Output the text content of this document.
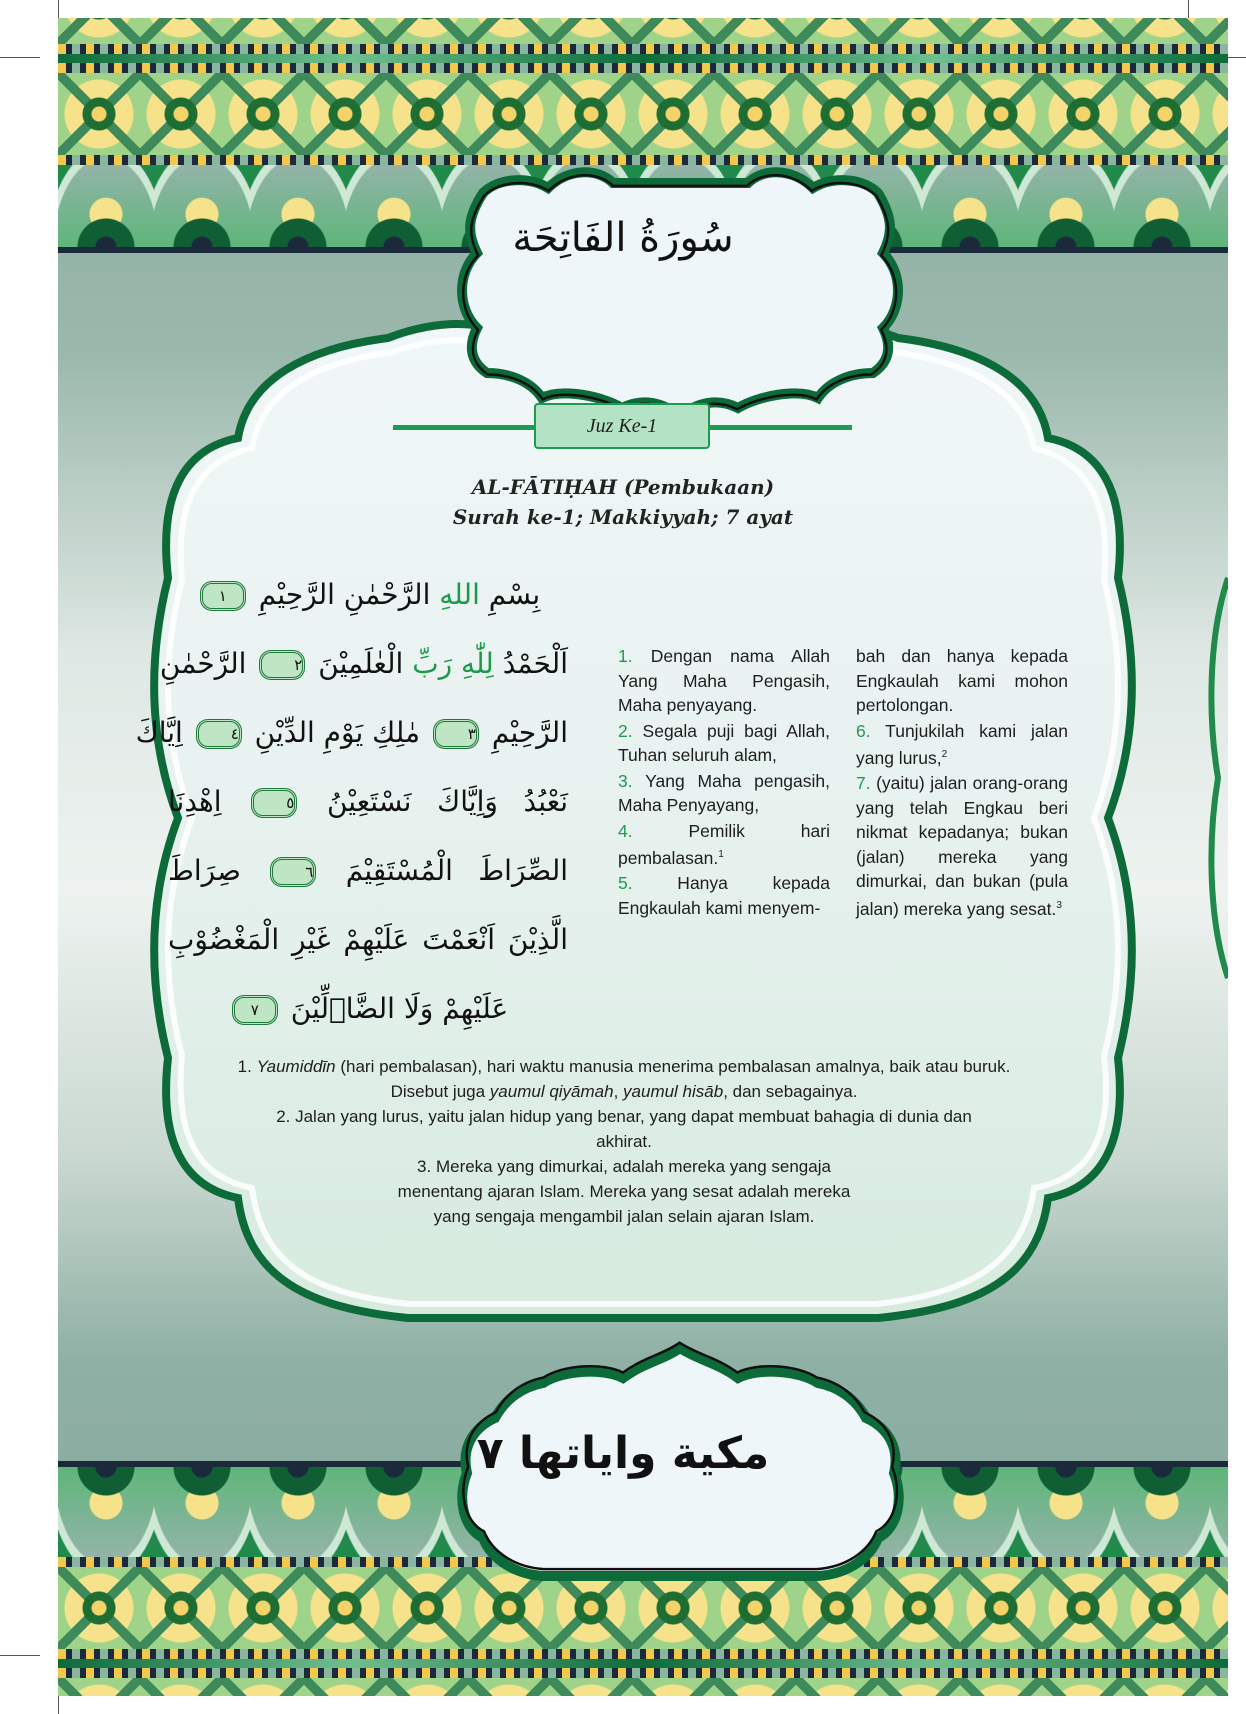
سُورَةُ الفَاتِحَة
Juz Ke-1
AL-FĀTIḤAH (Pembukaan)
Surah ke-1; Makkiyyah; 7 ayat
بِسْمِ اللهِ الرَّحْمٰنِ الرَّحِيْمِ ١
اَلْحَمْدُ لِلّٰهِ رَبِّ الْعٰلَمِيْنَ ٢ الرَّحْمٰنِ
الرَّحِيْمِ ٣ مٰلِكِ يَوْمِ الدِّيْنِ ٤ اِيَّاكَ
نَعْبُدُ وَاِيَّاكَ نَسْتَعِيْنُ ٥ اِهْدِنَا
الصِّرَاطَ الْمُسْتَقِيْمَ ٦ صِرَاطَ
الَّذِيْنَ اَنْعَمْتَ عَلَيْهِمْ غَيْرِ الْمَغْضُوْبِ
عَلَيْهِمْ وَلَا الضَّاۤلِّيْنَ ٧

1. Dengan nama Allah Yang Maha Pengasih, Maha penyayang.

2. Segala puji bagi Allah, Tuhan seluruh alam,

3. Yang Maha pengasih, Maha Penyayang,

4. Pemilik hari pembalasan.$^1$

5. Hanya kepada Engkaulah kami menyem-

bah dan hanya kepada Engkaulah kami mohon pertolongan.

6. Tunjukilah kami jalan yang lurus,$^2$

7. (yaitu) jalan orang-orang yang telah Engkau beri nikmat kepadanya; bukan (jalan) mereka yang dimurkai, dan bukan (pula jalan) mereka yang sesat.$^3$

1. Yaumiddīn (hari pembalasan), hari waktu manusia menerima pembalasan amalnya, baik atau buruk. Disebut juga yaumul qiyāmah, yaumul hisāb, dan sebagainya.

2. Jalan yang lurus, yaitu jalan hidup yang benar, yang dapat membuat bahagia di dunia dan akhirat.

3. Mereka yang dimurkai, adalah mereka yang sengaja menentang ajaran Islam. Mereka yang sesat adalah mereka yang sengaja mengambil jalan selain ajaran Islam.

مكية واياتها ٧
